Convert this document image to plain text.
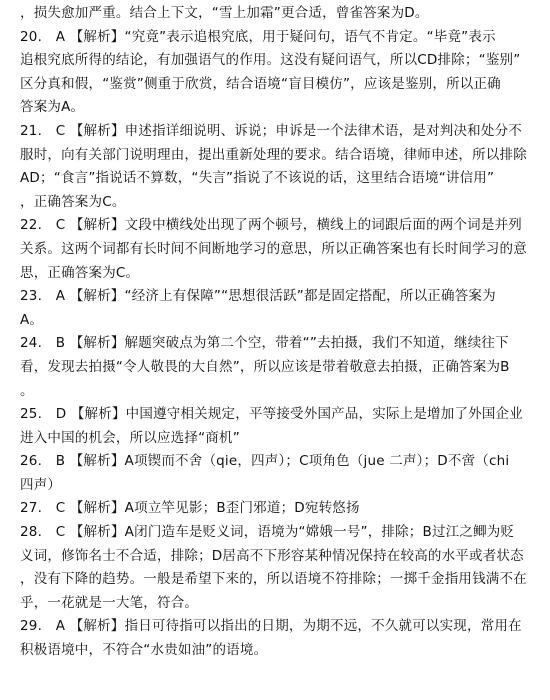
，损失愈加严重。结合上下文，“雪上加霜”更合适，曾雀答案为D。
20.　A 【解析】“究竟”表示追根究底，用于疑问句，语气不肯定。“毕竟”表示
追根究底所得的结论，有加强语气的作用。这没有疑问语气，所以CD排除；“鉴别”
区分真和假，“鉴赏”侧重于欣赏，结合语境“盲目模仿”，应该是鉴别，所以正确
答案为A。
21.　C 【解析】申述指详细说明、诉说；申诉是一个法律术语，是对判决和处分不
服时，向有关部门说明理由，提出重新处理的要求。结合语境，律师申述，所以排除
AD；“食言”指说话不算数，“失言”指说了不该说的话，这里结合语境“讲信用”
，正确答案为C。
22.　C 【解析】文段中横线处出现了两个顿号，横线上的词跟后面的两个词是并列
关系。这两个词都有长时间不间断地学习的意思，所以正确答案也有长时间学习的意
思，正确答案为C。
23.　A 【解析】“经济上有保障”“思想很活跃”都是固定搭配，所以正确答案为
A。
24.　B 【解析】解题突破点为第二个空，带着“”去拍摄，我们不知道，继续往下
看，发现去拍摄“令人敬畏的大自然”，所以应该是带着敬意去拍摄，正确答案为B
。
25.　D 【解析】中国遵守相关规定，平等接受外国产品，实际上是增加了外国企业
进入中国的机会，所以应选择“商机”
26.　B 【解析】A项锲而不舍（qie，四声）；C项角色（jue 二声）；D不啻（chi
四声）
27.　C 【解析】A项立竿见影；B歪门邪道；D宛转悠扬
28.　C 【解析】A闭门造车是贬义词，语境为“嫦娥一号”，排除；B过江之鲫为贬
义词，修饰名士不合适，排除；D居高不下形容某种情况保持在较高的水平或者状态
，没有下降的趋势。一般是希望下来的，所以语境不符排除；一掷千金指用钱满不在
乎，一花就是一大笔，符合。
29.　A 【解析】指日可待指可以指出的日期，为期不远，不久就可以实现，常用在
积极语境中，不符合“水贵如油”的语境。
